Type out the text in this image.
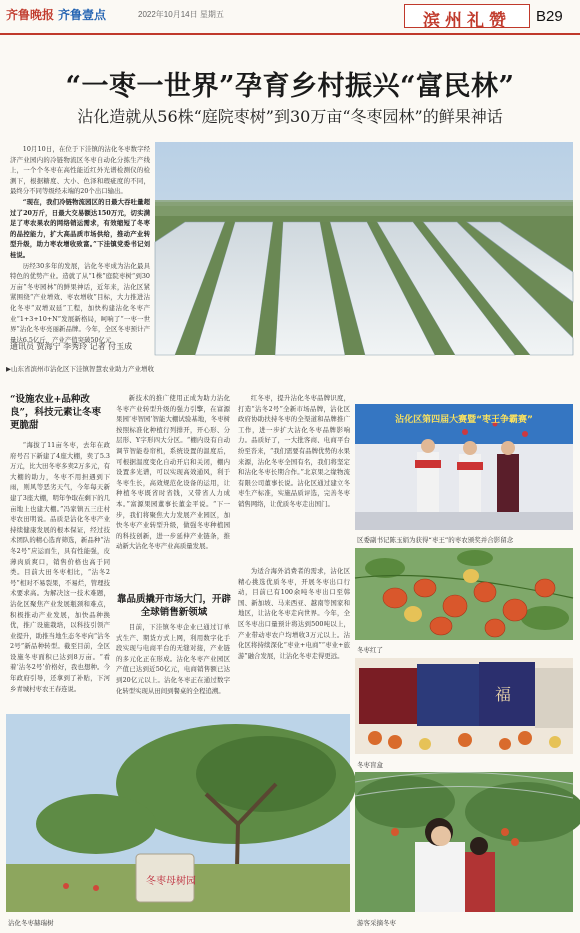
齐鲁晚报 齐鲁壹点	2022年10月14日 星期五	滨州礼赞	B29
“一枣一世界”孕育乡村振兴“富民林”
沾化造就从56株“庭院枣树”到30万亩“冬枣园林”的鲜果神话

10月10日，在位于下洼镇的沾化冬枣数字经济产业园内的冷链物流区冬枣自动化分拣生产线上，一个个冬枣在高性能近红外光谱检测仪的检测下，根据糖度、大小、色泽和瑕疵度的不同，最终分不同等级经未端的20个出口输出。

“现在，我们冷链物流园区的日最大吞吐量超过了20万斤，日最大交易额达150万元，切实满足了枣农果农的网络销运需求，有效缩短了冬枣的品控能力，扩大高品质市场供给，推动产业转型升级，助力枣农增收致富。”下洼镇党委书记刘桂说。

历经30多年的发展，沾化冬枣成为沾化最具特色的优势产业。造就了从“1株”庭院枣树“到30万亩”冬枣园林”的鲜果神话，近年来，沾化区紧紧围绕“产业增效、枣农增收”目标，大力推进沾化冬枣“双增双延”工程，加快构建沾化冬枣产业“1+3+10+N”发展新格局，呵响了“一枣一世界”沾化冬枣亮丽新品牌。今年，全区冬枣预计产量达6.5亿斤，产业产值突破50亿元。

通讯员 贾海宁 李秀玲 记者 付玉成
▶山东省滨州市沾化区下洼镇智慧农业助力产业增收
“设施农业+品种改良”，科技元素让冬枣更脆甜

“海拔了11亩冬枣，去年在政府号召下新建了4座大棚，卖了5.3万元，比大田冬枣多卖2万多元，有大棚的助力，冬枣不用担遇到下雨，则风等恶劣天气，今年每天新建了3座大棚，明年争取在剩下的几亩地上也建大棚。”冯家镇五三庄村枣农田明说。品质是沾化冬枣产业持续健康发展的根本保证，经过技术团队的精心选育筛选，新品种“沾冬2号”应运而生，具有性能强，皮薄肉质爽口，销售价格也高于同类。目前大田冬枣相比，“沾冬2号”相对不易裂果，不易烂，管理技术要求高。为解决这一技术难题，沾化区聚焦产业发展瓶颈和难点，积极推动产业发展，加快品种换优，推广设施栽培，以科技引领产业提升，助推当地生态冬枣向“沾冬2号”新品种转型。截至目前，全区设施冬枣面积已达到8万亩。“看着‘沾冬2号’价格好，我也想种。今年政府引导，还拿到了补贴，下河乡青城村枣农王春连说。

新技术的推广使用正成为助力沾化冬枣产业转型升级的强力引擎，在富源果园‘枣智园’智能大棚试验基地，冬枣树按照标准化种植行列排开，开心形、分层形、Y字形四大分区。“棚内设有自动调节智能卷帘机，系统设置的温度后，可根据温度变化自动开启和关闭，棚内设置多光谱，可以实现高效通风，利于冬枣生长，高效规范化设备的运用，让种植冬枣既省时省钱，又带省人力成本。”富源果园董事长董金平说。“下一步，我们将聚焦大力发展产业园区，加快冬枣产业转型升级，做强冬枣种植园的科技创新，进一步延伸产业链条，推动新大沾化冬枣产业高质量发展。

靠品质撬开市场大门，开辟全球销售新领域

目前，下洼镇冬枣企业已通过订单式生产、期货方式上网，利用数字化手段实现与电商平台的无缝对接，产业链的多元化正在形成。沾化冬枣产业园区产值已达到近50亿元，电商销售额已达到20亿元以上。沾化冬枣正在通过数字化转型实现从田间到餐桌的全程追溯。

红冬枣，提升沾化冬枣品牌识度，打造“沾冬2号”全新市场品牌，沾化区政府协助扶持冬枣的全渠道和品牌推广工作，进一步扩大沾化冬枣品牌影响力。品质好了，一大批客商、电商平台纷至沓来，“我们需要有品牌优势的水果来源，沾化冬枣全国有名，我们将坚定和沾化冬枣长期合作。”北京果之缘物流有限公司董事长说。沾化区通过建立冬枣生产标准，实施品质评选，完善冬枣销售网络，让优质冬枣走出国门。

为适合海外消费者的需求，沾化区精心挑选优质冬枣，开展冬枣出口行动，目前已有100余吨冬枣出口至韩国、新加坡、马来西亚、越南等国家和地区，让沾化冬枣走向世界。今年，全区冬枣出口量预计将达到500吨以上，产业带动枣农户均增收3万元以上。沾化区将持续深化“枣业+电商”“枣业+旅游”融合发展，让沾化冬枣走得更远。

沾化区第四届大赛暨“枣王争霸赛”
区委副书记陈玉娟为获得“枣王”的枣农颁奖并合影留念
冬枣红了
福
冬枣盲盒
冬枣母树园
沾化冬枣赫瑞树	游客采摘冬枣
